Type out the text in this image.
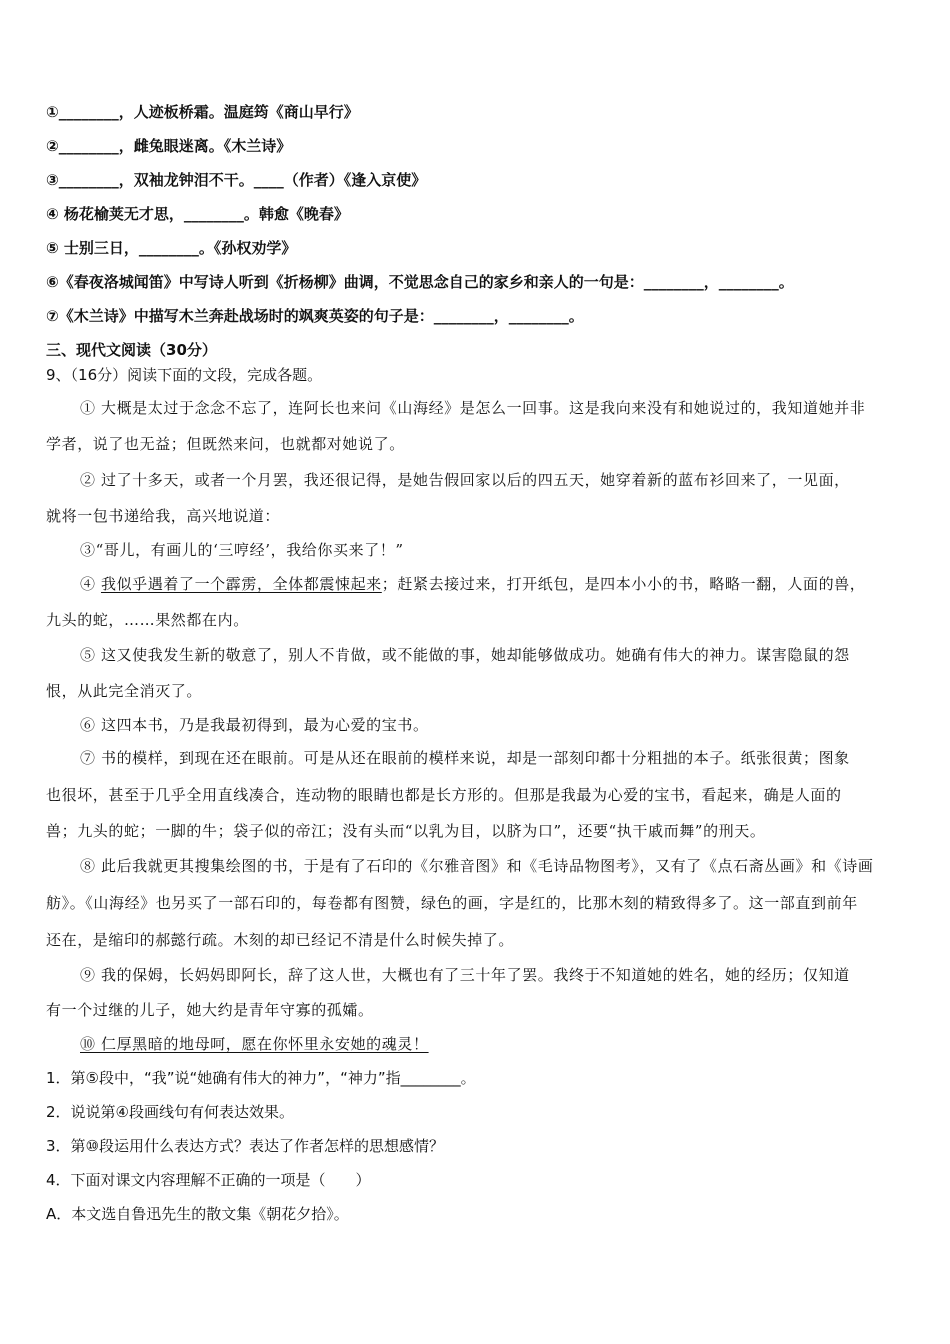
①________，人迹板桥霜。温庭筠《商山早行》
②________，雌兔眼迷离。《木兰诗》
③________，双袖龙钟泪不干。____（作者）《逢入京使》
④ 杨花榆荚无才思，________。韩愈《晚春》
⑤ 士别三日，________。《孙权劝学》
⑥《春夜洛城闻笛》中写诗人听到《折杨柳》曲调，不觉思念自己的家乡和亲人的一句是：________，________。
⑦《木兰诗》中描写木兰奔赴战场时的飒爽英姿的句子是：________，________。
三、现代文阅读（30分）
9、（16分）阅读下面的文段，完成各题。
① 大概是太过于念念不忘了，连阿长也来问《山海经》是怎么一回事。这是我向来没有和她说过的，我知道她并非
学者，说了也无益；但既然来问，也就都对她说了。
② 过了十多天，或者一个月罢，我还很记得，是她告假回家以后的四五天，她穿着新的蓝布衫回来了，一见面，
就将一包书递给我，高兴地说道：
③“哥儿，有画儿的‘三哼经’，我给你买来了！”
④ 我似乎遇着了一个霹雳，全体都震悚起来；赶紧去接过来，打开纸包，是四本小小的书，略略一翻，人面的兽，
九头的蛇，……果然都在内。
⑤ 这又使我发生新的敬意了，别人不肯做，或不能做的事，她却能够做成功。她确有伟大的神力。谋害隐鼠的怨
恨，从此完全消灭了。
⑥ 这四本书，乃是我最初得到，最为心爱的宝书。
⑦ 书的模样，到现在还在眼前。可是从还在眼前的模样来说，却是一部刻印都十分粗拙的本子。纸张很黄；图象
也很坏，甚至于几乎全用直线凑合，连动物的眼睛也都是长方形的。但那是我最为心爱的宝书，看起来，确是人面的
兽；九头的蛇；一脚的牛；袋子似的帝江；没有头而“以乳为目，以脐为口”，还要“执干戚而舞”的刑天。
⑧ 此后我就更其搜集绘图的书，于是有了石印的《尔雅音图》和《毛诗品物图考》，又有了《点石斋丛画》和《诗画
舫》。《山海经》也另买了一部石印的，每卷都有图赞，绿色的画，字是红的，比那木刻的精致得多了。这一部直到前年
还在，是缩印的郝懿行疏。木刻的却已经记不清是什么时候失掉了。
⑨ 我的保姆，长妈妈即阿长，辞了这人世，大概也有了三十年了罢。我终于不知道她的姓名，她的经历；仅知道
有一个过继的儿子，她大约是青年守寡的孤孀。
⑩ 仁厚黑暗的地母呵，愿在你怀里永安她的魂灵！
1．第⑤段中，“我”说“她确有伟大的神力”，“神力”指________。
2．说说第④段画线句有何表达效果。
3．第⑩段运用什么表达方式？表达了作者怎样的思想感情？
4．下面对课文内容理解不正确的一项是（　　）
A．本文选自鲁迅先生的散文集《朝花夕拾》。
